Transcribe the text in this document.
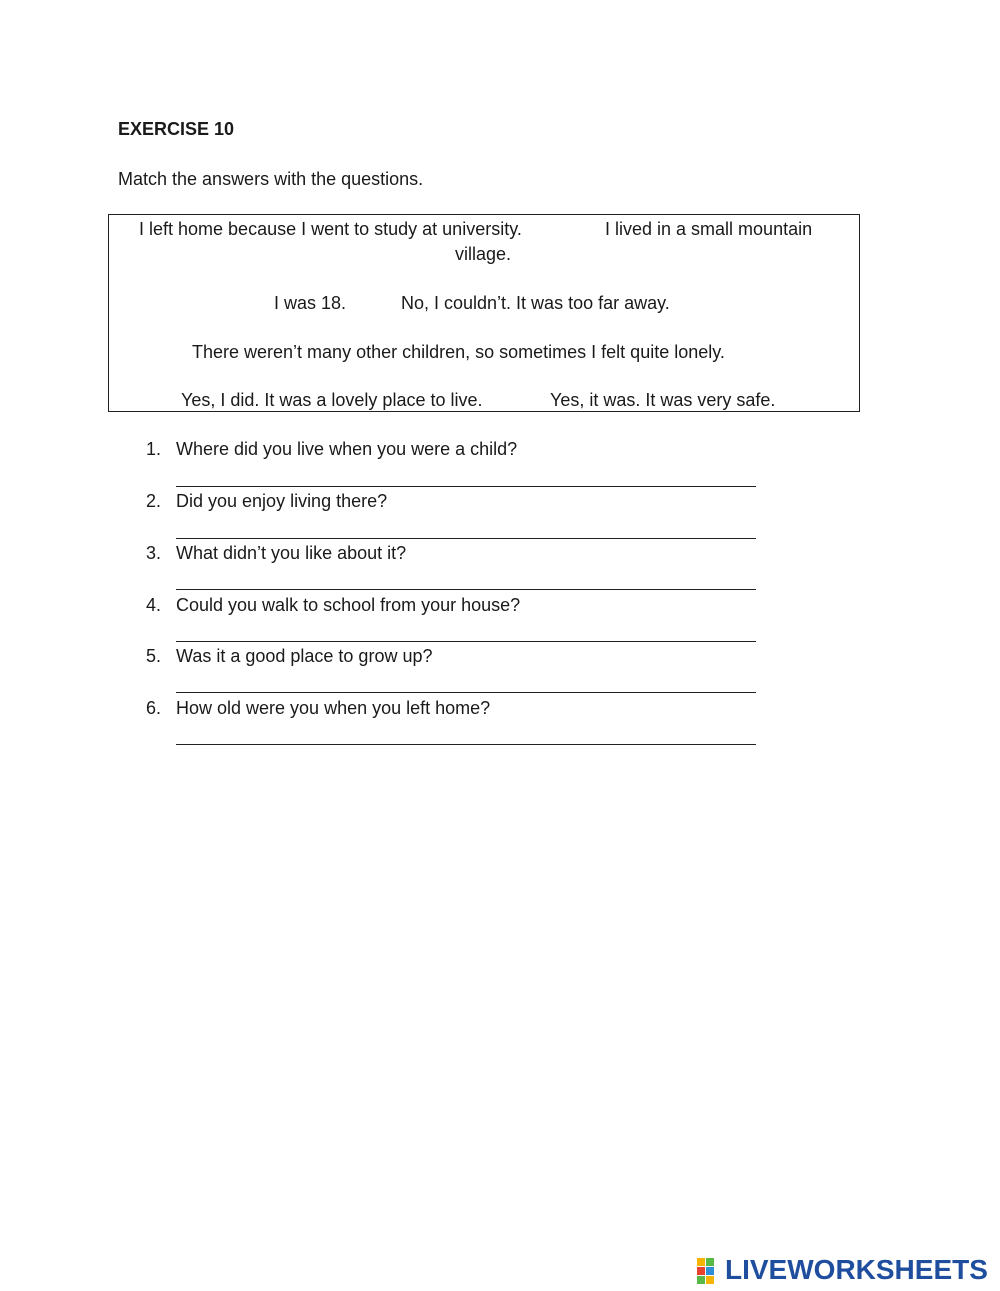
EXERCISE 10
Match the answers with the questions.
I left home because I went to study at university.	I lived in a small mountain
village.
I was 18.	No, I couldn’t. It was too far away.
There weren’t many other children, so sometimes I felt quite lonely.
Yes, I did. It was a lovely place to live.	Yes, it was. It was very safe.
1. Where did you live when you were a child?
2. Did you enjoy living there?
3. What didn’t you like about it?
4. Could you walk to school from your house?
5. Was it a good place to grow up?
6. How old were you when you left home?
LIVEWORKSHEETS
